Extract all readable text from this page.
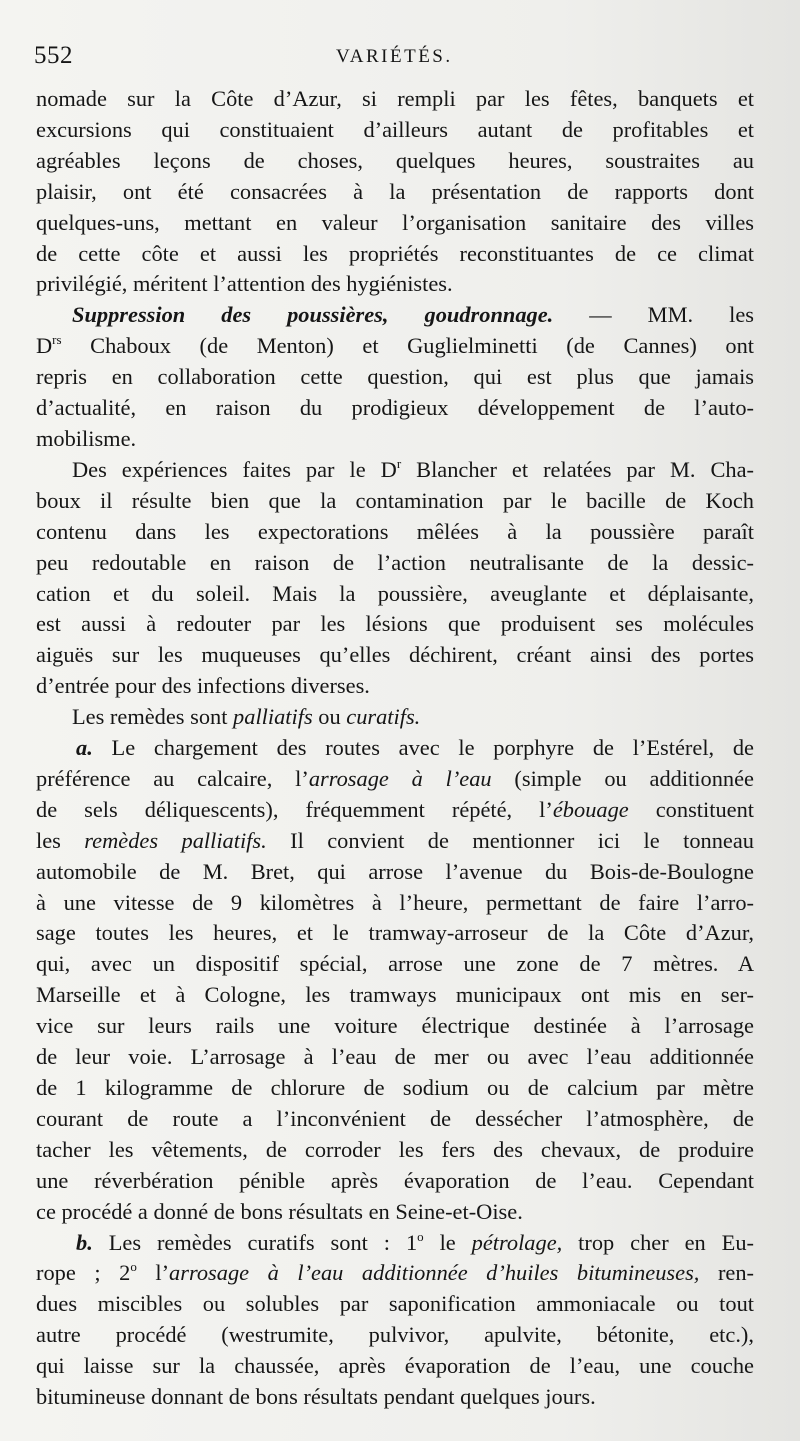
552	VARIÉTÉS.

nomade sur la Côte d’Azur, si rempli par les fêtes, banquets et
excursions qui constituaient d’ailleurs autant de profitables et
agréables leçons de choses, quelques heures, soustraites au
plaisir, ont été consacrées à la présentation de rapports dont
quelques-uns, mettant en valeur l’organisation sanitaire des villes
de cette côte et aussi les propriétés reconstituantes de ce climat
privilégié, méritent l’attention des hygiénistes.

Suppression des poussières, goudronnage. — MM. les
$D^{rs}$ Chaboux (de Menton) et Guglielminetti (de Cannes) ont
repris en collaboration cette question, qui est plus que jamais
d’actualité, en raison du prodigieux développement de l’auto-
mobilisme.

Des expériences faites par le $D^r$ Blancher et relatées par M. Cha-
boux il résulte bien que la contamination par le bacille de Koch
contenu dans les expectorations mêlées à la poussière paraît
peu redoutable en raison de l’action neutralisante de la dessic-
cation et du soleil. Mais la poussière, aveuglante et déplaisante,
est aussi à redouter par les lésions que produisent ses molécules
aiguës sur les muqueuses qu’elles déchirent, créant ainsi des portes
d’entrée pour des infections diverses.

Les remèdes sont palliatifs ou curatifs.

a. Le chargement des routes avec le porphyre de l’Estérel, de
préférence au calcaire, l’arrosage à l’eau (simple ou additionnée
de sels déliquescents), fréquemment répété, l’ébouage constituent
les remèdes palliatifs. Il convient de mentionner ici le tonneau
automobile de M. Bret, qui arrose l’avenue du Bois-de-Boulogne
à une vitesse de 9 kilomètres à l’heure, permettant de faire l’arro-
sage toutes les heures, et le tramway-arroseur de la Côte d’Azur,
qui, avec un dispositif spécial, arrose une zone de 7 mètres. A
Marseille et à Cologne, les tramways municipaux ont mis en ser-
vice sur leurs rails une voiture électrique destinée à l’arrosage
de leur voie. L’arrosage à l’eau de mer ou avec l’eau additionnée
de 1 kilogramme de chlorure de sodium ou de calcium par mètre
courant de route a l’inconvénient de dessécher l’atmosphère, de
tacher les vêtements, de corroder les fers des chevaux, de produire
une réverbération pénible après évaporation de l’eau. Cependant
ce procédé a donné de bons résultats en Seine-et-Oise.

b. Les remèdes curatifs sont : 1$^o$ le pétrolage, trop cher en Eu-
rope ; 2$^o$ l’arrosage à l’eau additionnée d’huiles bitumineuses, ren-
dues miscibles ou solubles par saponification ammoniacale ou tout
autre procédé (westrumite, pulvivor, apulvite, bétonite, etc.),
qui laisse sur la chaussée, après évaporation de l’eau, une couche
bitumineuse donnant de bons résultats pendant quelques jours.
